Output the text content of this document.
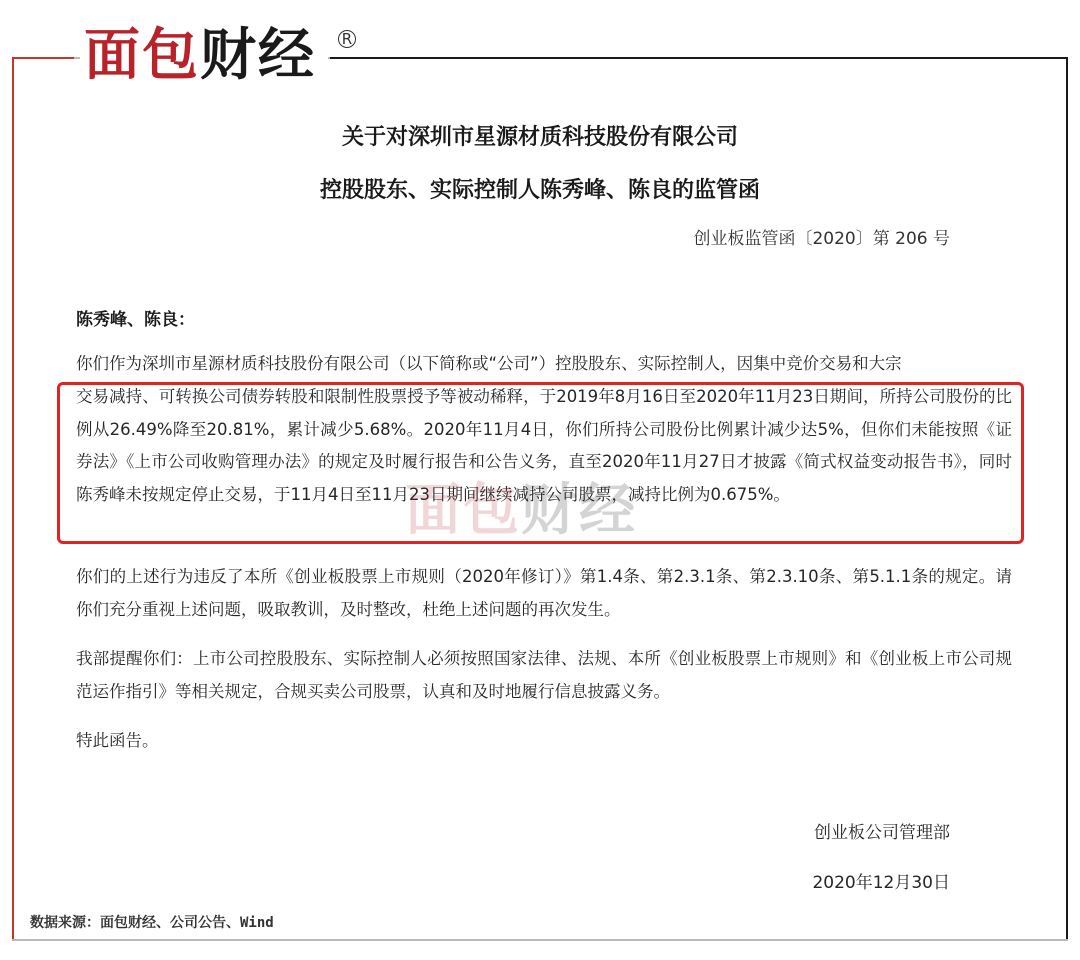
面包财经 R
关于对深圳市星源材质科技股份有限公司
控股股东、实际控制人陈秀峰、陈良的监管函
创业板监管函〔2020〕第 206 号
陈秀峰、陈良：
你们作为深圳市星源材质科技股份有限公司（以下简称或“公司”）控股股东、实际控制人，因集中竞价交易和大宗
交易减持、可转换公司债券转股和限制性股票授予等被动稀释，于2019年8月16日至2020年11月23日期间，所持公司股份的比例从26.49%降至20.81%，累计减少5.68%。2020年11月4日，你们所持公司股份比例累计减少达5%，但你们未能按照《证券法》《上市公司收购管理办法》的规定及时履行报告和公告义务，直至2020年11月27日才披露《简式权益变动报告书》，同时陈秀峰未按规定停止交易，于11月4日至11月23日期间继续减持公司股票，减持比例为0.675%。
面包财经
你们的上述行为违反了本所《创业板股票上市规则（2020年修订）》第1.4条、第2.3.1条、第2.3.10条、第5.1.1条的规定。请你们充分重视上述问题，吸取教训，及时整改，杜绝上述问题的再次发生。
我部提醒你们：上市公司控股股东、实际控制人必须按照国家法律、法规、本所《创业板股票上市规则》和《创业板上市公司规范运作指引》等相关规定，合规买卖公司股票，认真和及时地履行信息披露义务。
特此函告。
创业板公司管理部
2020年12月30日
数据来源：面包财经、公司公告、Wind
